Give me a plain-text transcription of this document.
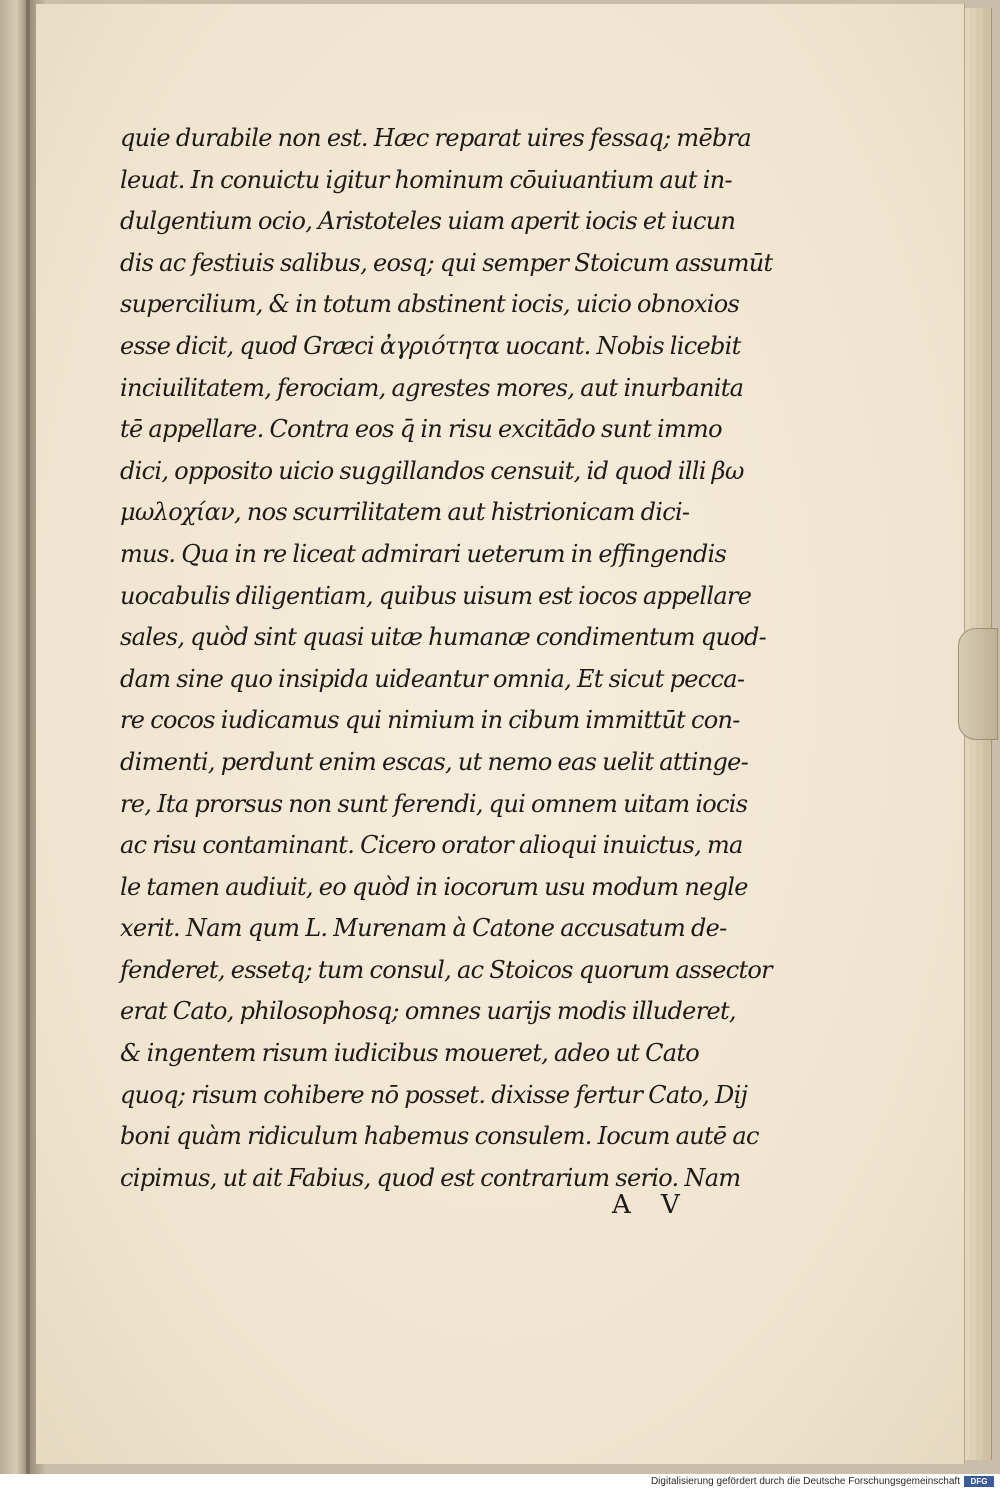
quie durabile non est. Hæc reparat uires fessaq; mēbra
leuat. In conuictu igitur hominum cōuiuantium aut in-
dulgentium ocio, Aristoteles uiam aperit iocis et iucun
dis ac festiuis salibus, eosq; qui semper Stoicum assumūt
supercilium, & in totum abstinent iocis, uicio obnoxios
esse dicit, quod Græci ἀγριότητα uocant. Nobis licebit
inciuilitatem, ferociam, agrestes mores, aut inurbanita
tē appellare. Contra eos q̄ in risu excitādo sunt immo
dici, opposito uicio suggillandos censuit, id quod illi βω
μωλοχίαν, nos scurrilitatem aut histrionicam dici-
mus. Qua in re liceat admirari ueterum in effingendis
uocabulis diligentiam, quibus uisum est iocos appellare
sales, quòd sint quasi uitæ humanæ condimentum quod-
dam sine quo insipida uideantur omnia, Et sicut pecca-
re cocos iudicamus qui nimium in cibum immittūt con-
dimenti, perdunt enim escas, ut nemo eas uelit attinge-
re, Ita prorsus non sunt ferendi, qui omnem uitam iocis
ac risu contaminant. Cicero orator alioqui inuictus, ma
le tamen audiuit, eo quòd in iocorum usu modum negle
xerit. Nam qum L. Murenam à Catone accusatum de-
fenderet, essetq; tum consul, ac Stoicos quorum assector
erat Cato, philosophosq; omnes uarijs modis illuderet,
& ingentem risum iudicibus moueret, adeo ut Cato
quoq; risum cohibere nō posset. dixisse fertur Cato, Dij
boni quàm ridiculum habemus consulem. Iocum autē ac
cipimus, ut ait Fabius, quod est contrarium serio. Nam
A V
Digitalisierung gefördert durch die Deutsche Forschungsgemeinschaft	DFG
